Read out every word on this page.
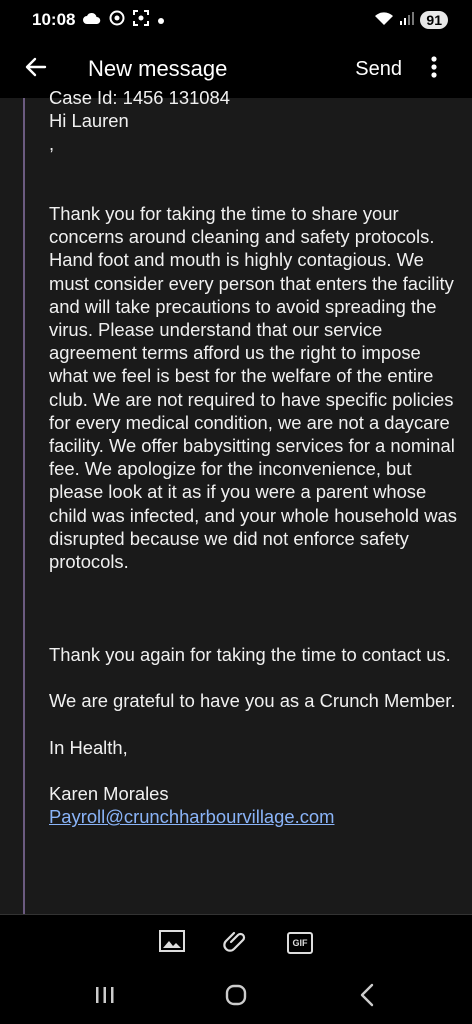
10:08	91
New message	Send

Case Id: 1456 131084

Hi Lauren

,

Thank you for taking the time to share your concerns around cleaning and safety protocols. Hand foot and mouth is highly contagious. We must consider every person that enters the facility and will take precautions to avoid spreading the virus. Please understand that our service agreement terms afford us the right to impose what we feel is best for the welfare of the entire club. We are not required to have specific policies for every medical condition, we are not a daycare facility. We offer babysitting services for a nominal fee. We apologize for the inconvenience, but please look at it as if you were a parent whose child was infected, and your whole household was disrupted because we did not enforce safety protocols.

Thank you again for taking the time to contact us.

We are grateful to have you as a Crunch Member.

In Health,

Karen Morales

Payroll@crunchharbourvillage.com

GIF
